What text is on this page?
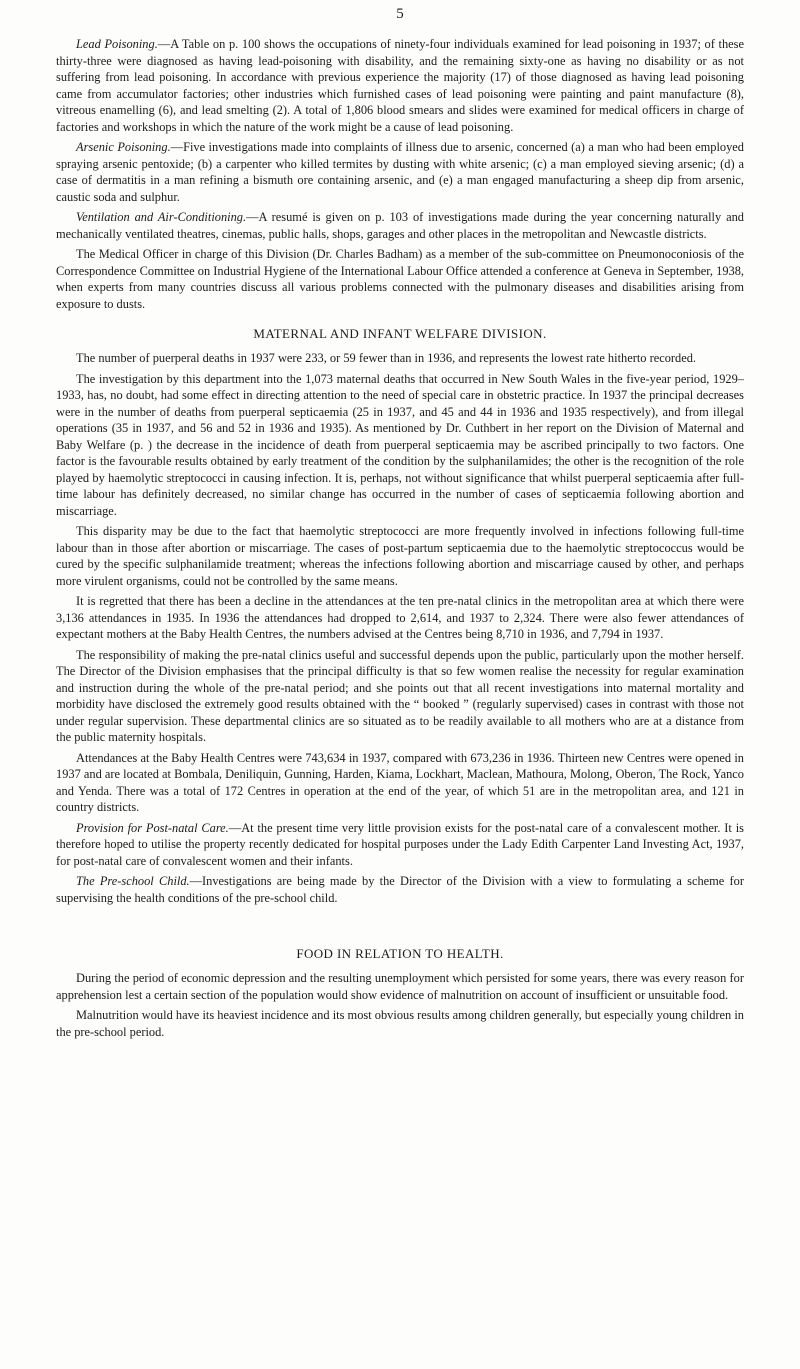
5

Lead Poisoning.—A Table on p. 100 shows the occupations of ninety-four individuals examined for lead poisoning in 1937; of these thirty-three were diagnosed as having lead-poisoning with disability, and the remaining sixty-one as having no disability or as not suffering from lead poisoning. In accordance with previous experience the majority (17) of those diagnosed as having lead poisoning came from accumulator factories; other industries which furnished cases of lead poisoning were painting and paint manufacture (8), vitreous enamelling (6), and lead smelting (2). A total of 1,806 blood smears and slides were examined for medical officers in charge of factories and workshops in which the nature of the work might be a cause of lead poisoning.

Arsenic Poisoning.—Five investigations made into complaints of illness due to arsenic, concerned (a) a man who had been employed spraying arsenic pentoxide; (b) a carpenter who killed termites by dusting with white arsenic; (c) a man employed sieving arsenic; (d) a case of dermatitis in a man refining a bismuth ore containing arsenic, and (e) a man engaged manufacturing a sheep dip from arsenic, caustic soda and sulphur.

Ventilation and Air-Conditioning.—A resumé is given on p. 103 of investigations made during the year concerning naturally and mechanically ventilated theatres, cinemas, public halls, shops, garages and other places in the metropolitan and Newcastle districts.

The Medical Officer in charge of this Division (Dr. Charles Badham) as a member of the sub-committee on Pneumonoconiosis of the Correspondence Committee on Industrial Hygiene of the International Labour Office attended a conference at Geneva in September, 1938, when experts from many countries discuss all various problems connected with the pulmonary diseases and disabilities arising from exposure to dusts.

MATERNAL AND INFANT WELFARE DIVISION.

The number of puerperal deaths in 1937 were 233, or 59 fewer than in 1936, and represents the lowest rate hitherto recorded.

The investigation by this department into the 1,073 maternal deaths that occurred in New South Wales in the five-year period, 1929–1933, has, no doubt, had some effect in directing attention to the need of special care in obstetric practice. In 1937 the principal decreases were in the number of deaths from puerperal septicaemia (25 in 1937, and 45 and 44 in 1936 and 1935 respectively), and from illegal operations (35 in 1937, and 56 and 52 in 1936 and 1935). As mentioned by Dr. Cuthbert in her report on the Division of Maternal and Baby Welfare (p. ) the decrease in the incidence of death from puerperal septicaemia may be ascribed principally to two factors. One factor is the favourable results obtained by early treatment of the condition by the sulphanilamides; the other is the recognition of the role played by haemolytic streptococci in causing infection. It is, perhaps, not without significance that whilst puerperal septicaemia after full-time labour has definitely decreased, no similar change has occurred in the number of cases of septicaemia following abortion and miscarriage.

This disparity may be due to the fact that haemolytic streptococci are more frequently involved in infections following full-time labour than in those after abortion or miscarriage. The cases of post-partum septicaemia due to the haemolytic streptococcus would be cured by the specific sulphanilamide treatment; whereas the infections following abortion and miscarriage caused by other, and perhaps more virulent organisms, could not be controlled by the same means.

It is regretted that there has been a decline in the attendances at the ten pre-natal clinics in the metropolitan area at which there were 3,136 attendances in 1935. In 1936 the attendances had dropped to 2,614, and 1937 to 2,324. There were also fewer attendances of expectant mothers at the Baby Health Centres, the numbers advised at the Centres being 8,710 in 1936, and 7,794 in 1937.

The responsibility of making the pre-natal clinics useful and successful depends upon the public, particularly upon the mother herself. The Director of the Division emphasises that the principal difficulty is that so few women realise the necessity for regular examination and instruction during the whole of the pre-natal period; and she points out that all recent investigations into maternal mortality and morbidity have disclosed the extremely good results obtained with the “ booked ” (regularly supervised) cases in contrast with those not under regular supervision. These departmental clinics are so situated as to be readily available to all mothers who are at a distance from the public maternity hospitals.

Attendances at the Baby Health Centres were 743,634 in 1937, compared with 673,236 in 1936. Thirteen new Centres were opened in 1937 and are located at Bombala, Deniliquin, Gunning, Harden, Kiama, Lockhart, Maclean, Mathoura, Molong, Oberon, The Rock, Yanco and Yenda. There was a total of 172 Centres in operation at the end of the year, of which 51 are in the metropolitan area, and 121 in country districts.

Provision for Post-natal Care.—At the present time very little provision exists for the post-natal care of a convalescent mother. It is therefore hoped to utilise the property recently dedicated for hospital purposes under the Lady Edith Carpenter Land Investing Act, 1937, for post-natal care of convalescent women and their infants.

The Pre-school Child.—Investigations are being made by the Director of the Division with a view to formulating a scheme for supervising the health conditions of the pre-school child.

FOOD IN RELATION TO HEALTH.

During the period of economic depression and the resulting unemployment which persisted for some years, there was every reason for apprehension lest a certain section of the population would show evidence of malnutrition on account of insufficient or unsuitable food.

Malnutrition would have its heaviest incidence and its most obvious results among children generally, but especially young children in the pre-school period.
